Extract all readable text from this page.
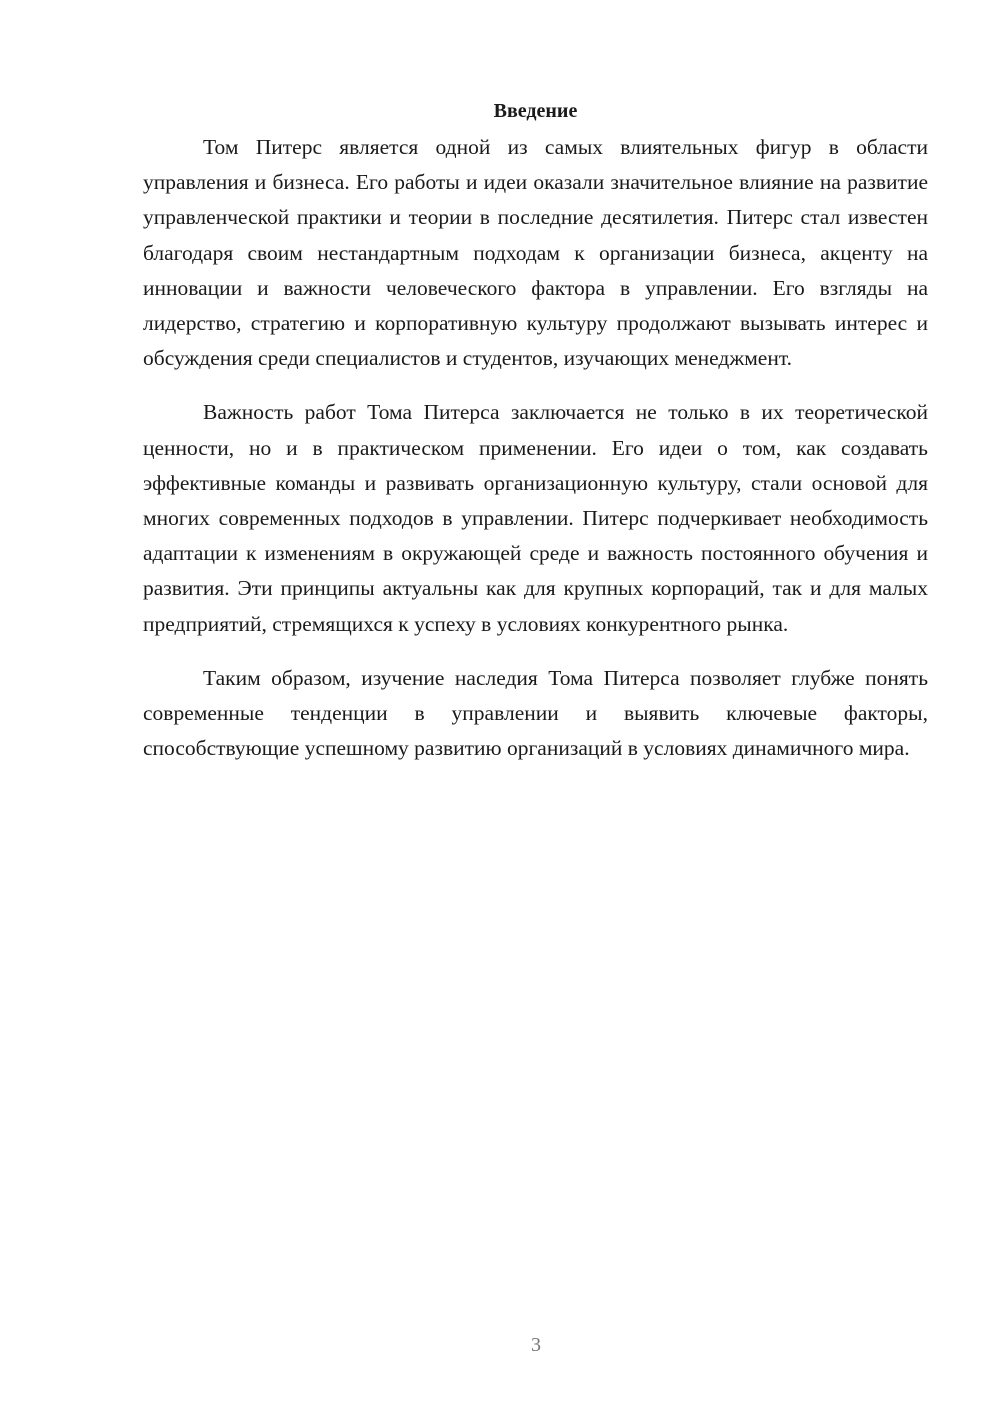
Введение

Том Питерс является одной из самых влиятельных фигур в области управления и бизнеса. Его работы и идеи оказали значительное влияние на развитие управленческой практики и теории в последние десятилетия. Питерс стал известен благодаря своим нестандартным подходам к организации бизнеса, акценту на инновации и важности человеческого фактора в управлении. Его взгляды на лидерство, стратегию и корпоративную культуру продолжают вызывать интерес и обсуждения среди специалистов и студентов, изучающих менеджмент.

Важность работ Тома Питерса заключается не только в их теоретической ценности, но и в практическом применении. Его идеи о том, как создавать эффективные команды и развивать организационную культуру, стали основой для многих современных подходов в управлении. Питерс подчеркивает необходимость адаптации к изменениям в окружающей среде и важность постоянного обучения и развития. Эти принципы актуальны как для крупных корпораций, так и для малых предприятий, стремящихся к успеху в условиях конкурентного рынка.

Таким образом, изучение наследия Тома Питерса позволяет глубже понять современные тенденции в управлении и выявить ключевые факторы, способствующие успешному развитию организаций в условиях динамичного мира.

3
